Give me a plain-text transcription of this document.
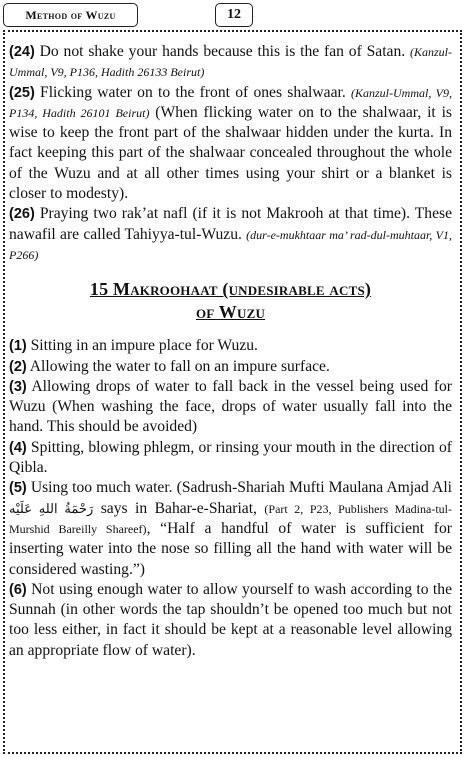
Method of Wuzu	12

(24) Do not shake your hands because this is the fan of Satan. (Kanzul-Ummal, V9, P136, Hadith 26133 Beirut)

(25) Flicking water on to the front of ones shalwaar. (Kanzul-Ummal, V9, P134, Hadith 26101 Beirut) (When flicking water on to the shalwaar, it is wise to keep the front part of the shalwaar hidden under the kurta. In fact keeping this part of the shalwaar concealed throughout the whole of the Wuzu and at all other times using your shirt or a blanket is closer to modesty).

(26) Praying two rak’at nafl (if it is not Makrooh at that time). These nawafil are called Tahiyya-tul-Wuzu. (dur-e-mukhtaar ma’ rad-dul-muhtaar, V1, P266)

15 Makroohaat (undesirable acts)
of Wuzu

(1) Sitting in an impure place for Wuzu.

(2) Allowing the water to fall on an impure surface.

(3) Allowing drops of water to fall back in the vessel being used for Wuzu (When washing the face, drops of water usually fall into the hand. This should be avoided)

(4) Spitting, blowing phlegm, or rinsing your mouth in the direction of Qibla.

(5) Using too much water. (Sadrush-Shariah Mufti Maulana Amjad Ali رَحْمَةُ اللهِ عَلَيْه says in Bahar-e-Shariat, (Part 2, P23, Publishers Madina-tul-Murshid Bareilly Shareef), “Half a handful of water is sufficient for inserting water into the nose so filling all the hand with water will be considered wasting.”)

(6) Not using enough water to allow yourself to wash according to the Sunnah (in other words the tap shouldn’t be opened too much but not too less either, in fact it should be kept at a reasonable level allowing an appropriate flow of water).
